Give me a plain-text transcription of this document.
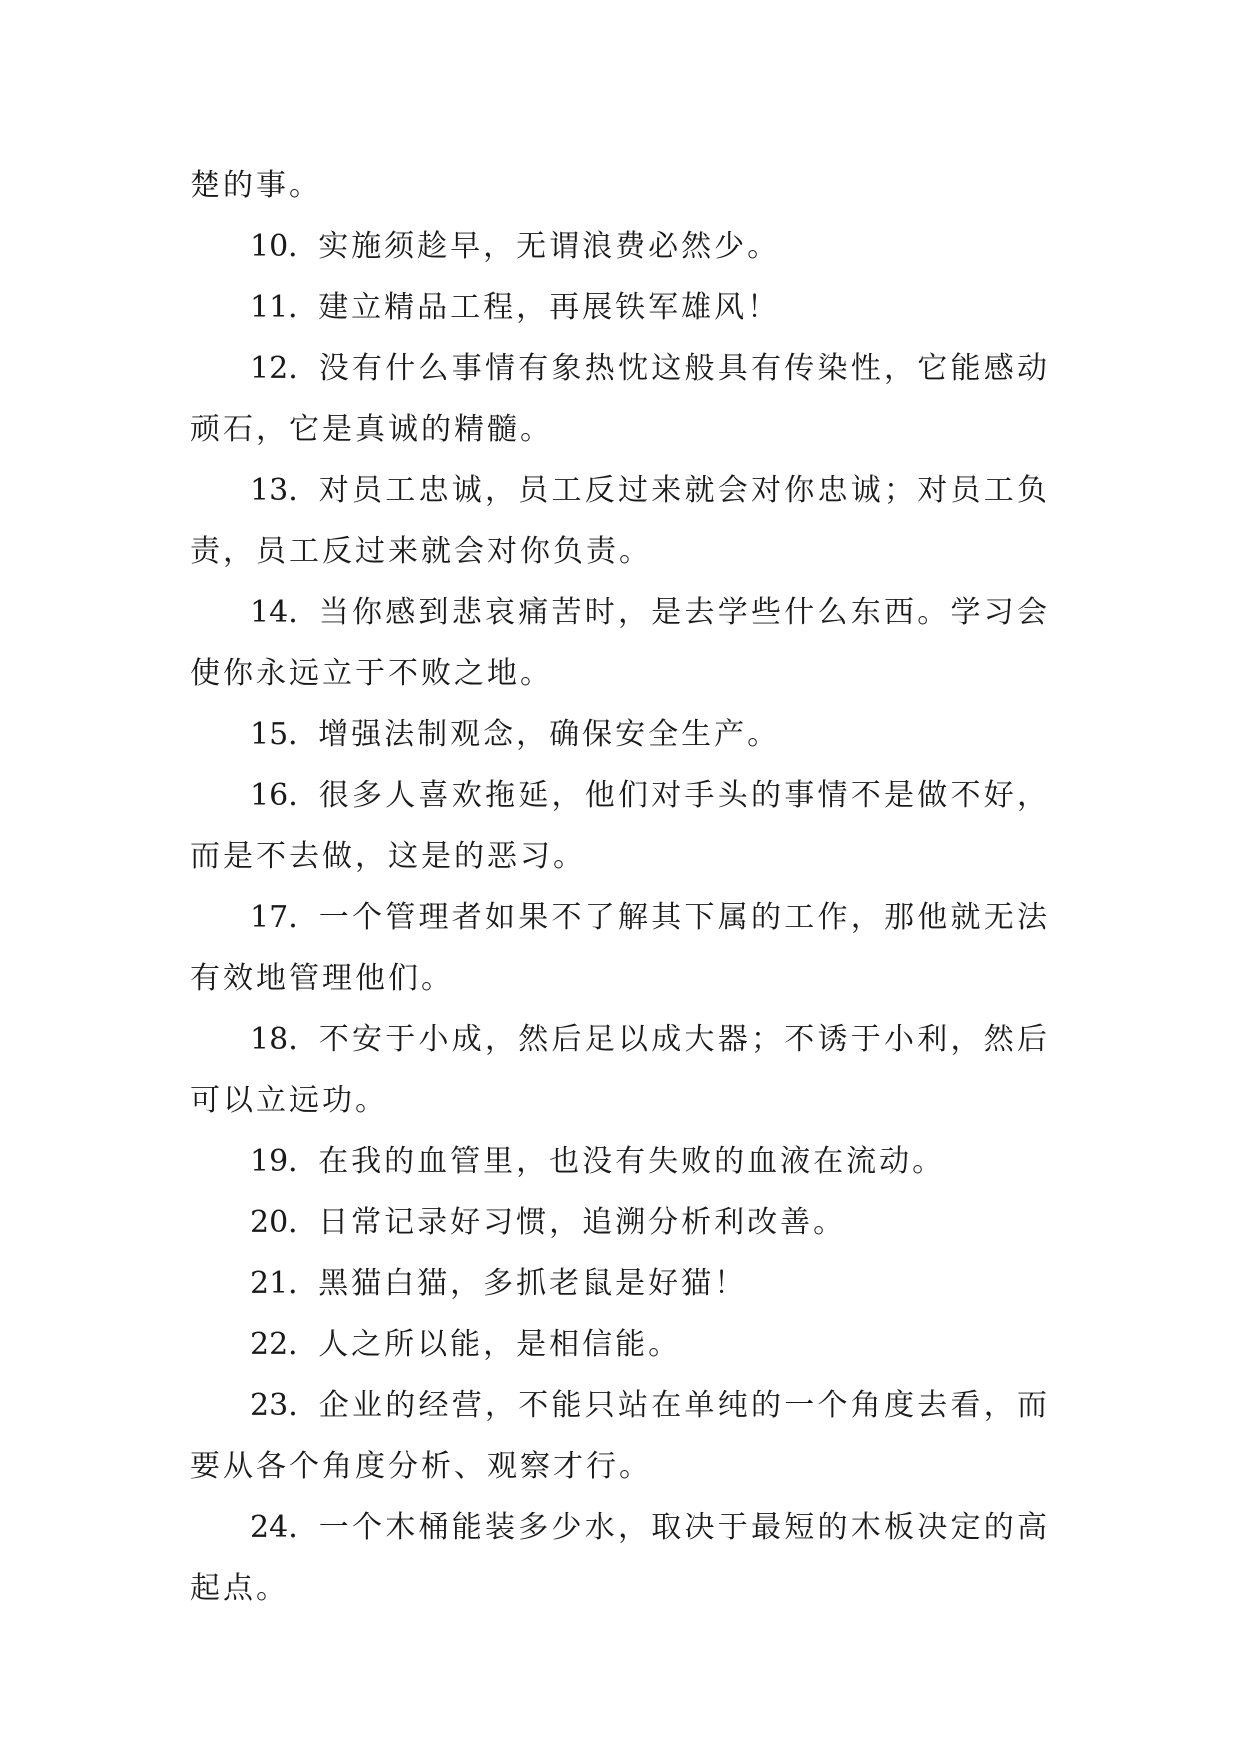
楚的事。

10．实施须趁早，无谓浪费必然少。

11．建立精品工程，再展铁军雄风！

12．没有什么事情有象热忱这般具有传染性，它能感动顽石，它是真诚的精髓。

13．对员工忠诚，员工反过来就会对你忠诚；对员工负责，员工反过来就会对你负责。

14．当你感到悲哀痛苦时，是去学些什么东西。学习会使你永远立于不败之地。

15．增强法制观念，确保安全生产。

16．很多人喜欢拖延，他们对手头的事情不是做不好，而是不去做，这是的恶习。

17．一个管理者如果不了解其下属的工作，那他就无法有效地管理他们。

18．不安于小成，然后足以成大器；不诱于小利，然后可以立远功。

19．在我的血管里，也没有失败的血液在流动。

20．日常记录好习惯，追溯分析利改善。

21．黑猫白猫，多抓老鼠是好猫！

22．人之所以能，是相信能。

23．企业的经营，不能只站在单纯的一个角度去看，而要从各个角度分析、观察才行。

24．一个木桶能装多少水，取决于最短的木板决定的高起点。
